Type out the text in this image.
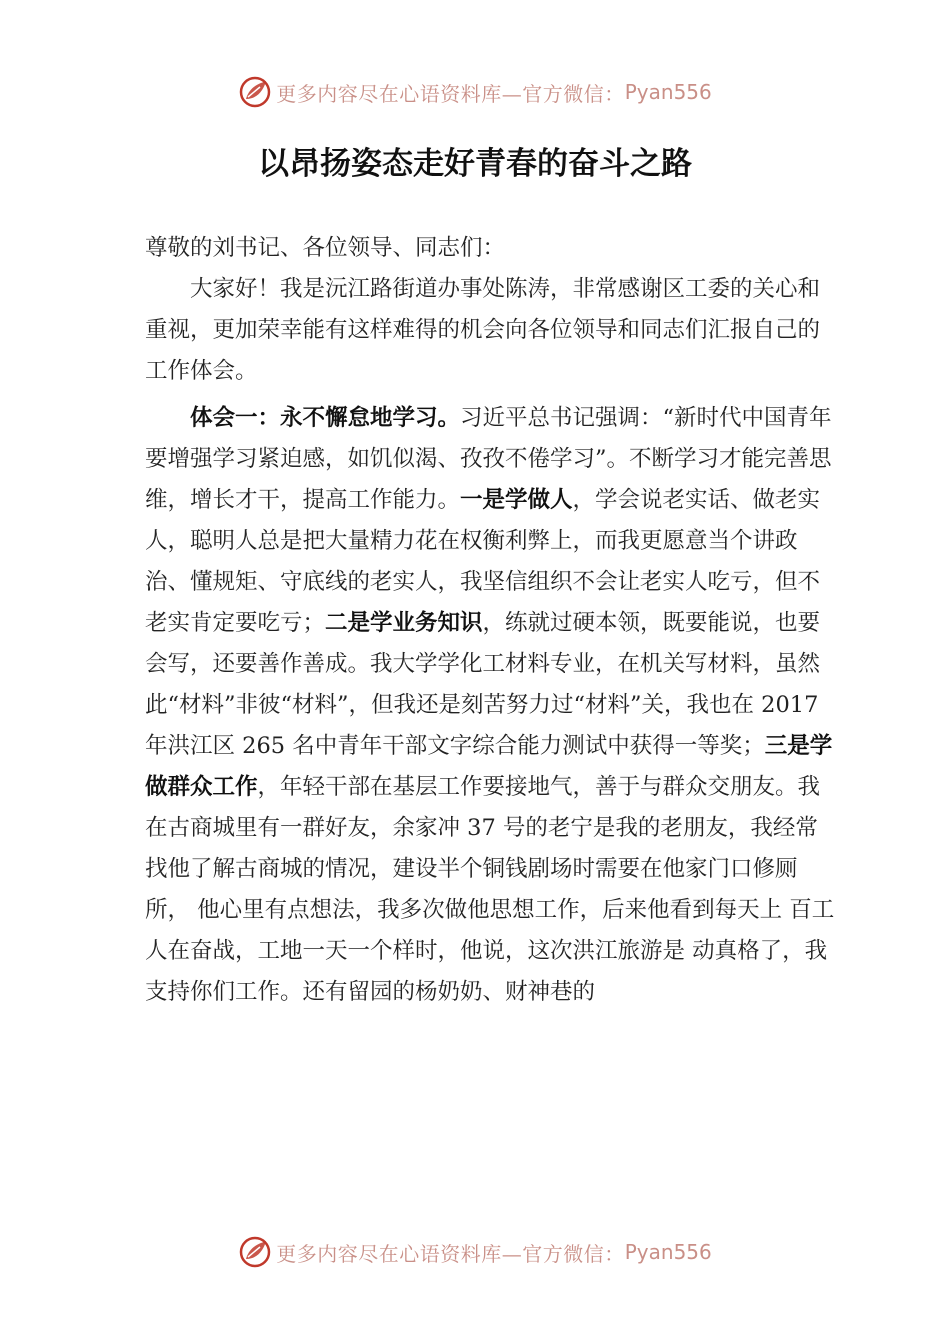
更多内容尽在心语资料库—官方微信： Pyan556
以昂扬姿态走好青春的奋斗之路

尊敬的刘书记、各位领导、同志们：

大家好！我是沅江路街道办事处陈涛，非常感谢区工委的关心和重视，更加荣幸能有这样难得的机会向各位领导和同志们汇报自己的工作体会。

体会一：永不懈怠地学习。习近平总书记强调：“新时代中国青年要增强学习紧迫感，如饥似渴、孜孜不倦学习”。不断学习才能完善思维，增长才干，提高工作能力。一是学做人，学会说老实话、做老实人，聪明人总是把大量精力花在权衡利弊上，而我更愿意当个讲政治、懂规矩、守底线的老实人，我坚信组织不会让老实人吃亏，但不老实肯定要吃亏；二是学业务知识，练就过硬本领，既要能说，也要会写，还要善作善成。我大学学化工材料专业，在机关写材料，虽然此“材料”非彼“材料”，但我还是刻苦努力过“材料”关，我也在 2017 年洪江区 265 名中青年干部文字综合能力测试中获得一等奖；三是学做群众工作，年轻干部在基层工作要接地气，善于与群众交朋友。我在古商城里有一群好友，余家冲 37 号的老宁是我的老朋友，我经常找他了解古商城的情况，建设半个铜钱剧场时需要在他家门口修厕所， 他心里有点想法，我多次做他思想工作，后来他看到每天上 百工人在奋战，工地一天一个样时，他说，这次洪江旅游是 动真格了，我支持你们工作。还有留园的杨奶奶、财神巷的

更多内容尽在心语资料库—官方微信： Pyan556
